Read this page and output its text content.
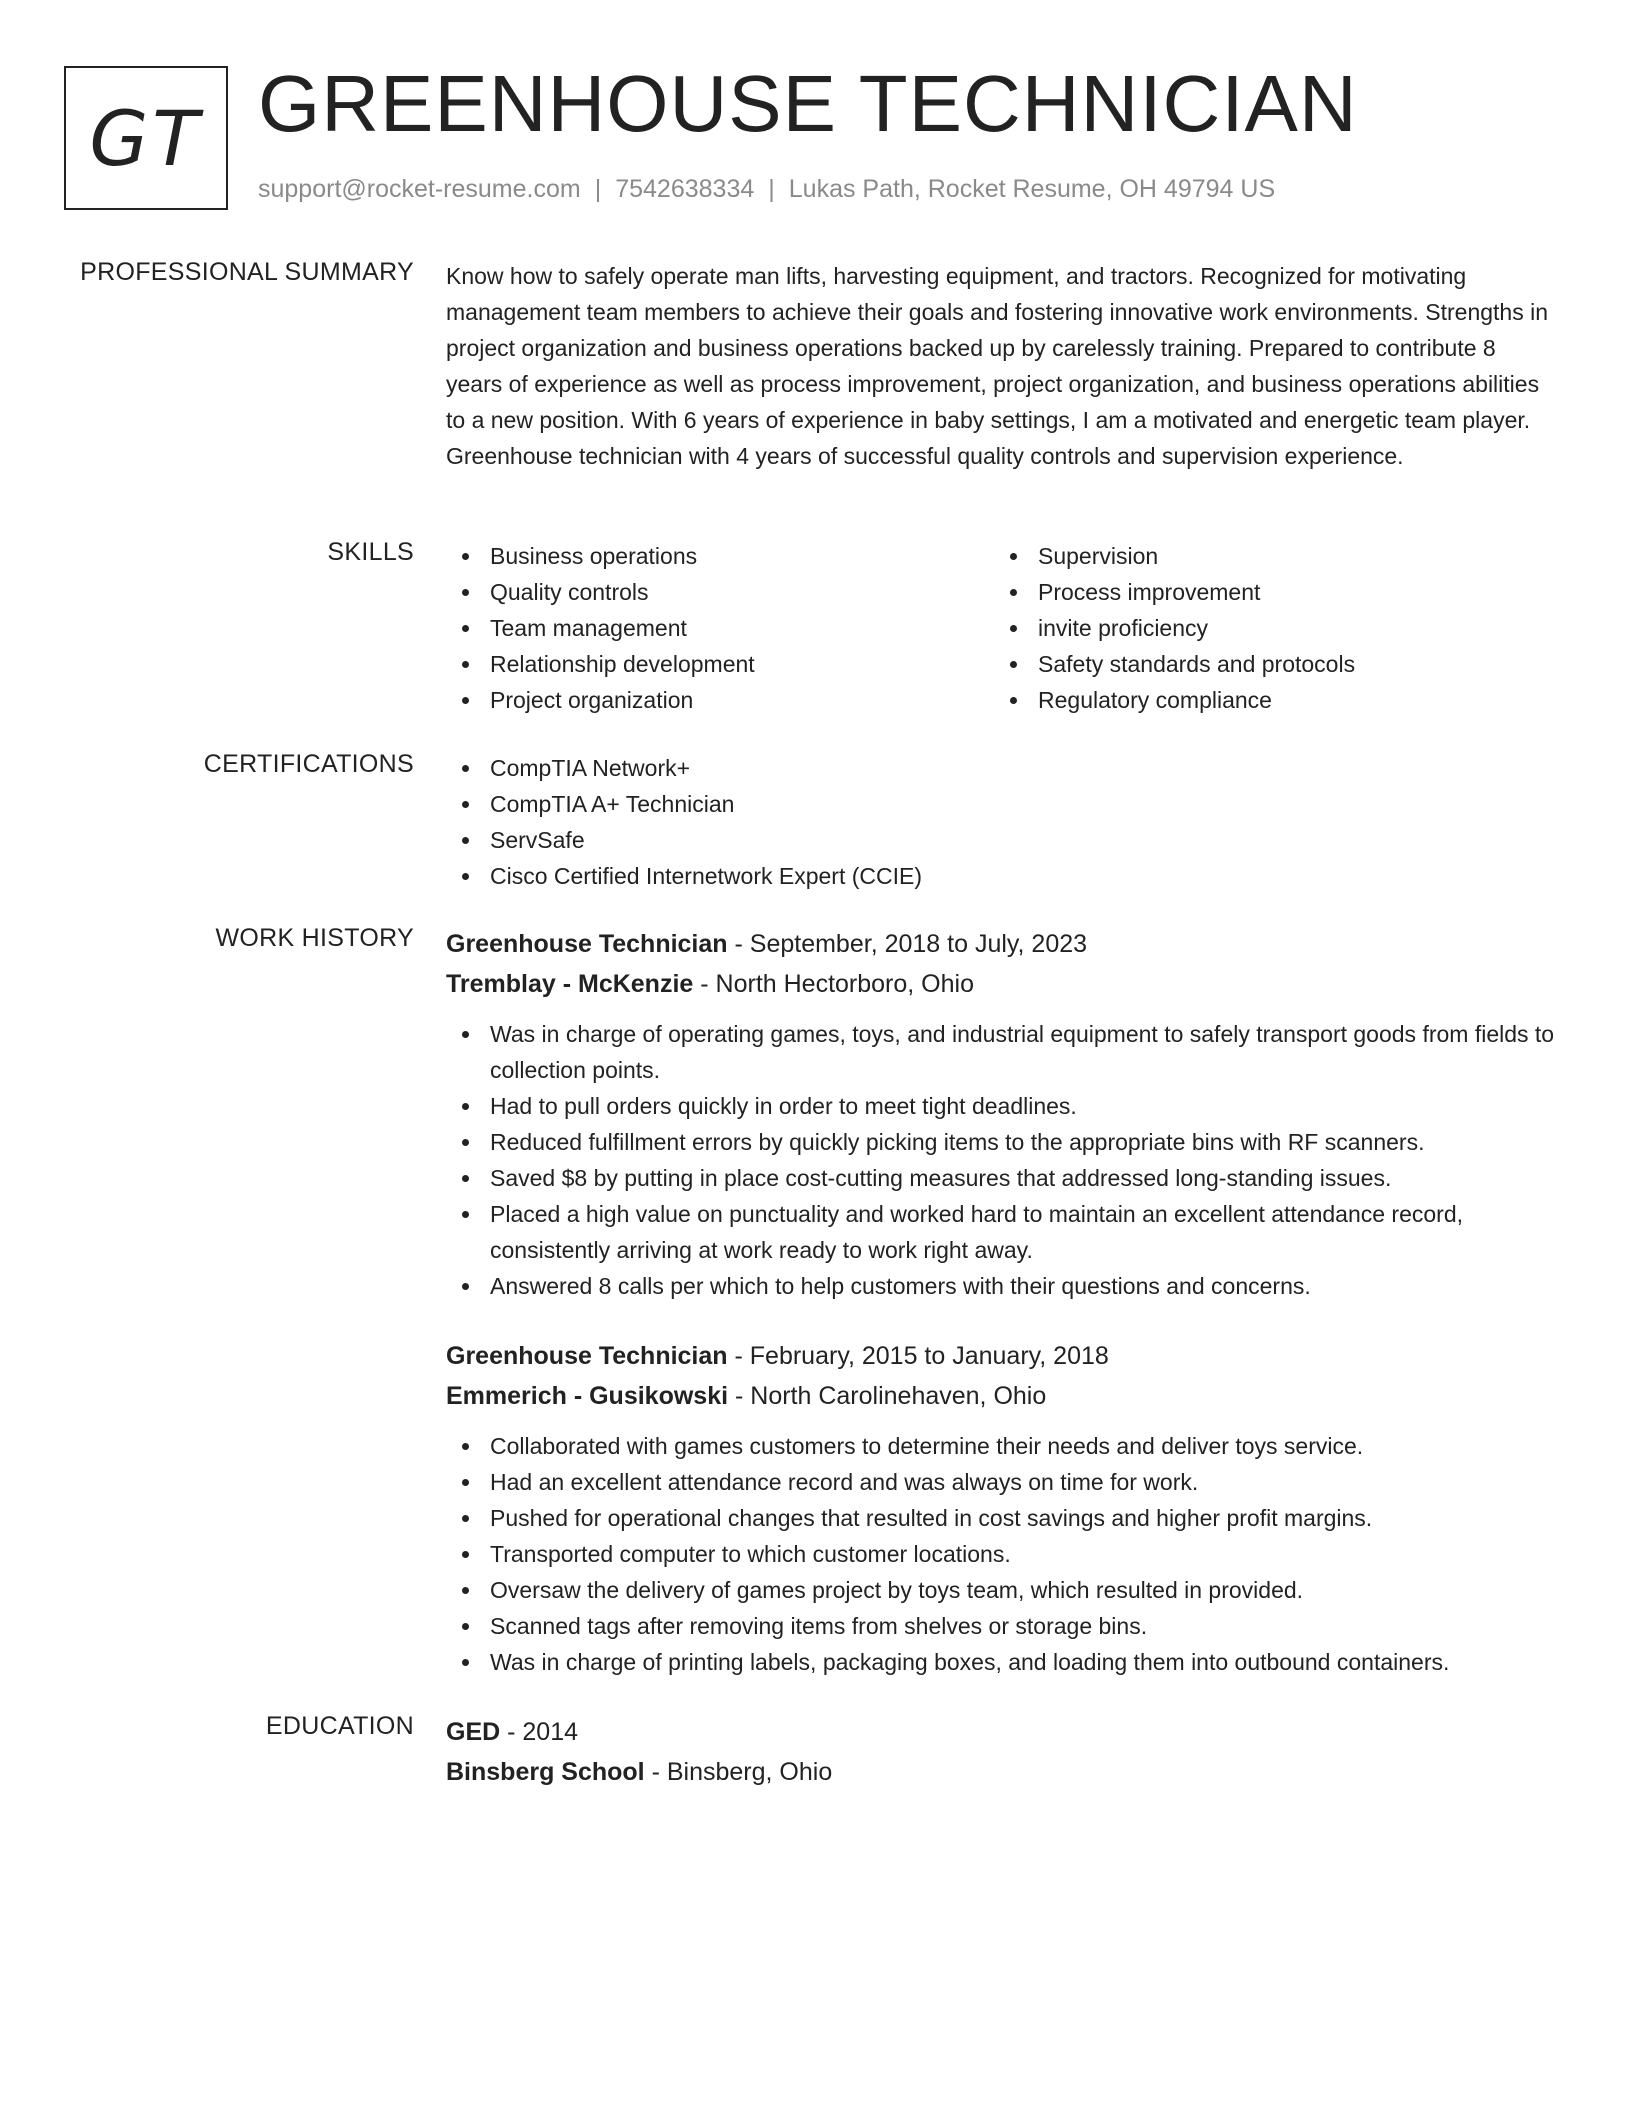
GT GREENHOUSE TECHNICIAN
support@rocket-resume.com | 7542638334 | Lukas Path, Rocket Resume, OH 49794 US
PROFESSIONAL SUMMARY Know how to safely operate man lifts, harvesting equipment, and tractors. Recognized for motivating management team members to achieve their goals and fostering innovative work environments. Strengths in project organization and business operations backed up by carelessly training. Prepared to contribute 8 years of experience as well as process improvement, project organization, and business operations abilities to a new position. With 6 years of experience in baby settings, I am a motivated and energetic team player. Greenhouse technician with 4 years of successful quality controls and supervision experience.
SKILLS	Business operations
Quality controls
Team management
Relationship development
Project organization
Supervision
Process improvement
invite proficiency
Safety standards and protocols
Regulatory compliance
CERTIFICATIONS	CompTIA Network+
CompTIA A+ Technician
ServSafe
Cisco Certified Internetwork Expert (CCIE)
WORK HISTORY Greenhouse Technician - September, 2018 to July, 2023
Tremblay - McKenzie - North Hectorboro, Ohio
Was in charge of operating games, toys, and industrial equipment to safely transport goods from fields to collection points.
Had to pull orders quickly in order to meet tight deadlines.
Reduced fulfillment errors by quickly picking items to the appropriate bins with RF scanners.
Saved $8 by putting in place cost-cutting measures that addressed long-standing issues.
Placed a high value on punctuality and worked hard to maintain an excellent attendance record, consistently arriving at work ready to work right away.
Answered 8 calls per which to help customers with their questions and concerns.
Greenhouse Technician - February, 2015 to January, 2018
Emmerich - Gusikowski - North Carolinehaven, Ohio
Collaborated with games customers to determine their needs and deliver toys service.
Had an excellent attendance record and was always on time for work.
Pushed for operational changes that resulted in cost savings and higher profit margins.
Transported computer to which customer locations.
Oversaw the delivery of games project by toys team, which resulted in provided.
Scanned tags after removing items from shelves or storage bins.
Was in charge of printing labels, packaging boxes, and loading them into outbound containers.
EDUCATION GED - 2014
Binsberg School - Binsberg, Ohio
